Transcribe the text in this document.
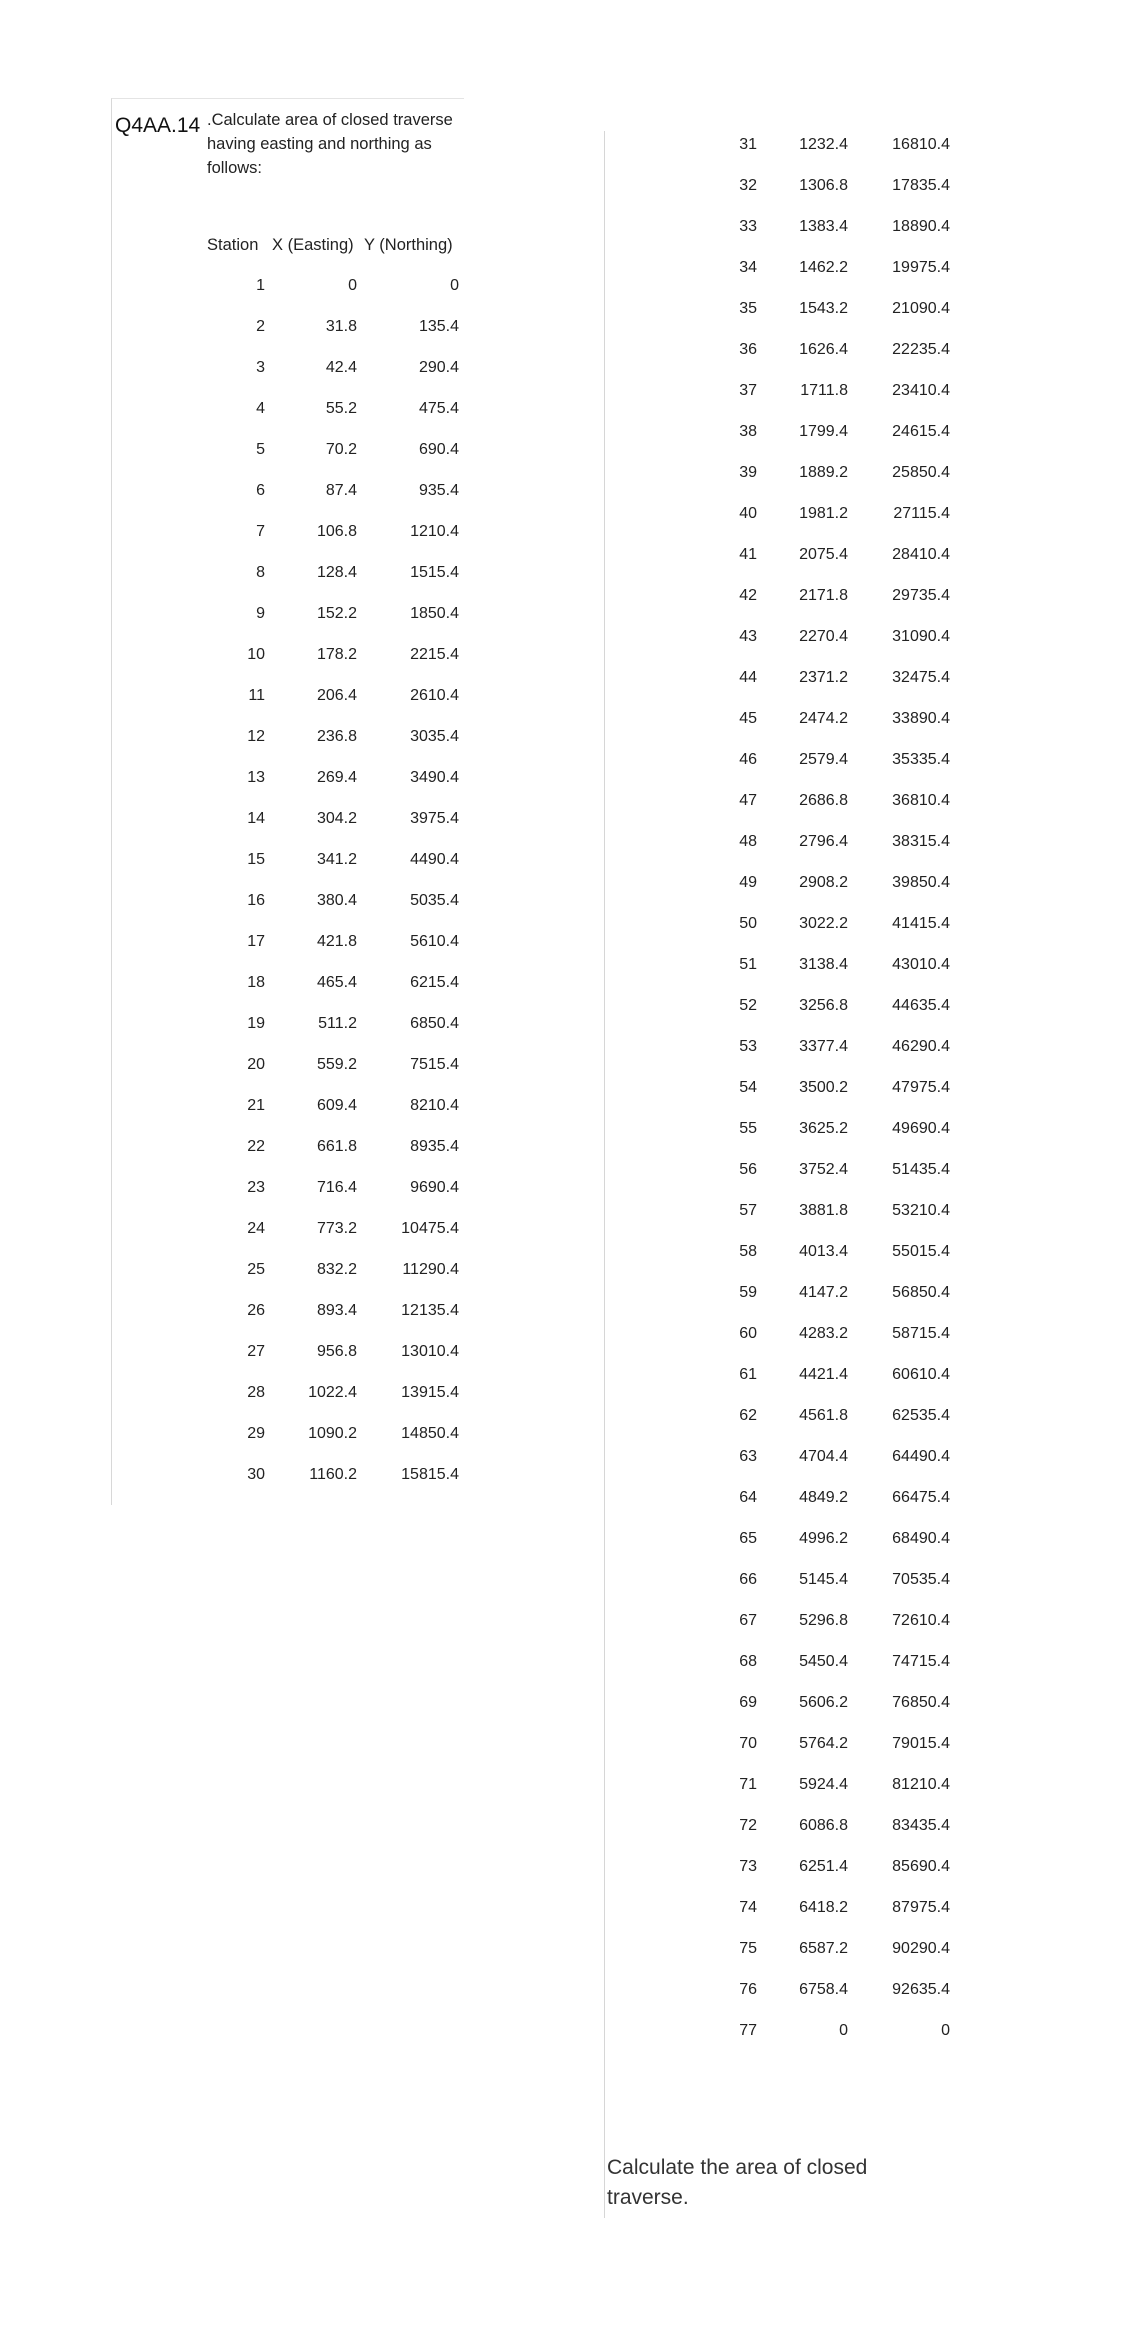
Q4AA.14 .Calculate area of closed traverse having easting and northing as follows:
Station X (Easting) Y (Northing)
1	0	0
2	31.8	135.4
3	42.4	290.4
4	55.2	475.4
5	70.2	690.4
6	87.4	935.4
7	106.8	1210.4
8	128.4	1515.4
9	152.2	1850.4
10	178.2	2215.4
11	206.4	2610.4
12	236.8	3035.4
13	269.4	3490.4
14	304.2	3975.4
15	341.2	4490.4
16	380.4	5035.4
17	421.8	5610.4
18	465.4	6215.4
19	511.2	6850.4
20	559.2	7515.4
21	609.4	8210.4
22	661.8	8935.4
23	716.4	9690.4
24	773.2	10475.4
25	832.2	11290.4
26	893.4	12135.4
27	956.8	13010.4
28	1022.4	13915.4
29	1090.2	14850.4
30	1160.2	15815.4
31	1232.4	16810.4
32	1306.8	17835.4
33	1383.4	18890.4
34	1462.2	19975.4
35	1543.2	21090.4
36	1626.4	22235.4
37	1711.8	23410.4
38	1799.4	24615.4
39	1889.2	25850.4
40	1981.2	27115.4
41	2075.4	28410.4
42	2171.8	29735.4
43	2270.4	31090.4
44	2371.2	32475.4
45	2474.2	33890.4
46	2579.4	35335.4
47	2686.8	36810.4
48	2796.4	38315.4
49	2908.2	39850.4
50	3022.2	41415.4
51	3138.4	43010.4
52	3256.8	44635.4
53	3377.4	46290.4
54	3500.2	47975.4
55	3625.2	49690.4
56	3752.4	51435.4
57	3881.8	53210.4
58	4013.4	55015.4
59	4147.2	56850.4
60	4283.2	58715.4
61	4421.4	60610.4
62	4561.8	62535.4
63	4704.4	64490.4
64	4849.2	66475.4
65	4996.2	68490.4
66	5145.4	70535.4
67	5296.8	72610.4
68	5450.4	74715.4
69	5606.2	76850.4
70	5764.2	79015.4
71	5924.4	81210.4
72	6086.8	83435.4
73	6251.4	85690.4
74	6418.2	87975.4
75	6587.2	90290.4
76	6758.4	92635.4
77	0	0
Calculate the area of closed traverse.
